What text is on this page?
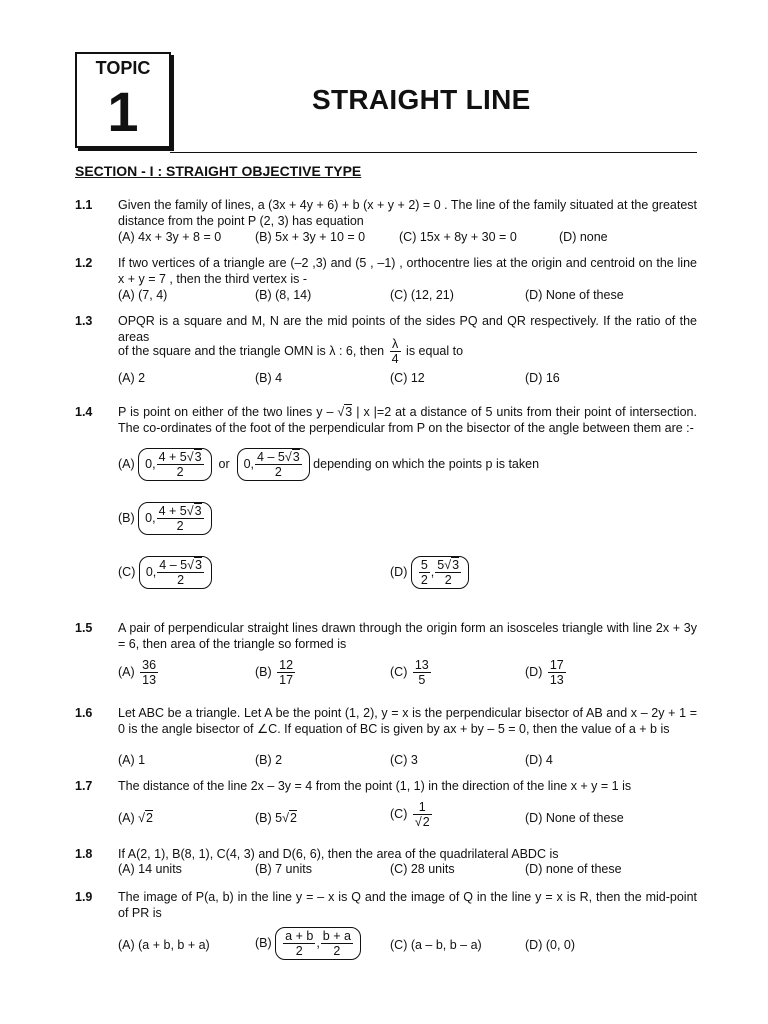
TOPIC
1	STRAIGHT LINE
SECTION - I : STRAIGHT OBJECTIVE TYPE
1.1 Given the family of lines, a (3x + 4y + 6) + b (x + y + 2) = 0 . The line of the family situated at the greatest distance from the point P (2, 3) has equation
(A) 4x + 3y + 8 = 0	(B) 5x + 3y + 10 = 0	(C) 15x + 8y + 30 = 0	(D) none
1.2 If two vertices of a triangle are (–2 ,3) and (5 , –1) , orthocentre lies at the origin and centroid on the line x + y = 7 , then the third vertex is -
(A) (7, 4)	(B) (8, 14)	(C) (12, 21)	(D) None of these
1.3 OPQR is a square and M, N are the mid points of the sides PQ and QR respectively. If the ratio of the areas
of the square and the triangle OMN is λ : 6, then $\frac{\lambda}{4}$ is equal to
(A) 2	(B) 4	(C) 12	(D) 16
1.4 P is point on either of the two lines y – √3 | x |=2 at a distance of 5 units from their point of intersection. The co-ordinates of the foot of the perpendicular from P on the bisector of the angle between them are :-
(A) 0, $\frac{4 + 5√3}{2}$ or 0, $\frac{4 - 5√3}{2}$ depending on which the points p is taken
(B) 0, $\frac{4 + 5√3}{2}$
(C) 0, $\frac{4 - 5√3}{2}$	$(D) \frac{5}{2}$ , $\frac{5√3}{2}$
1.5 A pair of perpendicular straight lines drawn through the origin form an isosceles triangle with line 2x + 3y = 6, then area of the triangle so formed is
$(A) \frac{36}{13}$	$(B) \frac{12}{17}$	$(C) \frac{13}{5}$	$(D) \frac{17}{13}$
1.6 Let ABC be a triangle. Let A be the point (1, 2), y = x is the perpendicular bisector of AB and x – 2y + 1 = 0 is the angle bisector of ∠C. If equation of BC is given by ax + by – 5 = 0, then the value of a + b is
(A) 1	(B) 2	(C) 3	(D) 4
1.7 The distance of the line 2x – 3y = 4 from the point (1, 1) in the direction of the line x + y = 1 is
(A) √2	(B) 5√2	$(C) \frac{1}{√2}$	(D) None of these
1.8 If A(2, 1), B(8, 1), C(4, 3) and D(6, 6), then the area of the quadrilateral ABDC is
(A) 14 units	(B) 7 units	(C) 28 units	(D) none of these
1.9 The image of P(a, b) in the line y = – x is Q and the image of Q in the line y = x is R, then the mid-point of PR is
(A) (a + b, b + a)	$(B) \frac{a + b}{2}$ , $\frac{b + a}{2}$	(C) (a – b, b – a)	(D) (0, 0)
